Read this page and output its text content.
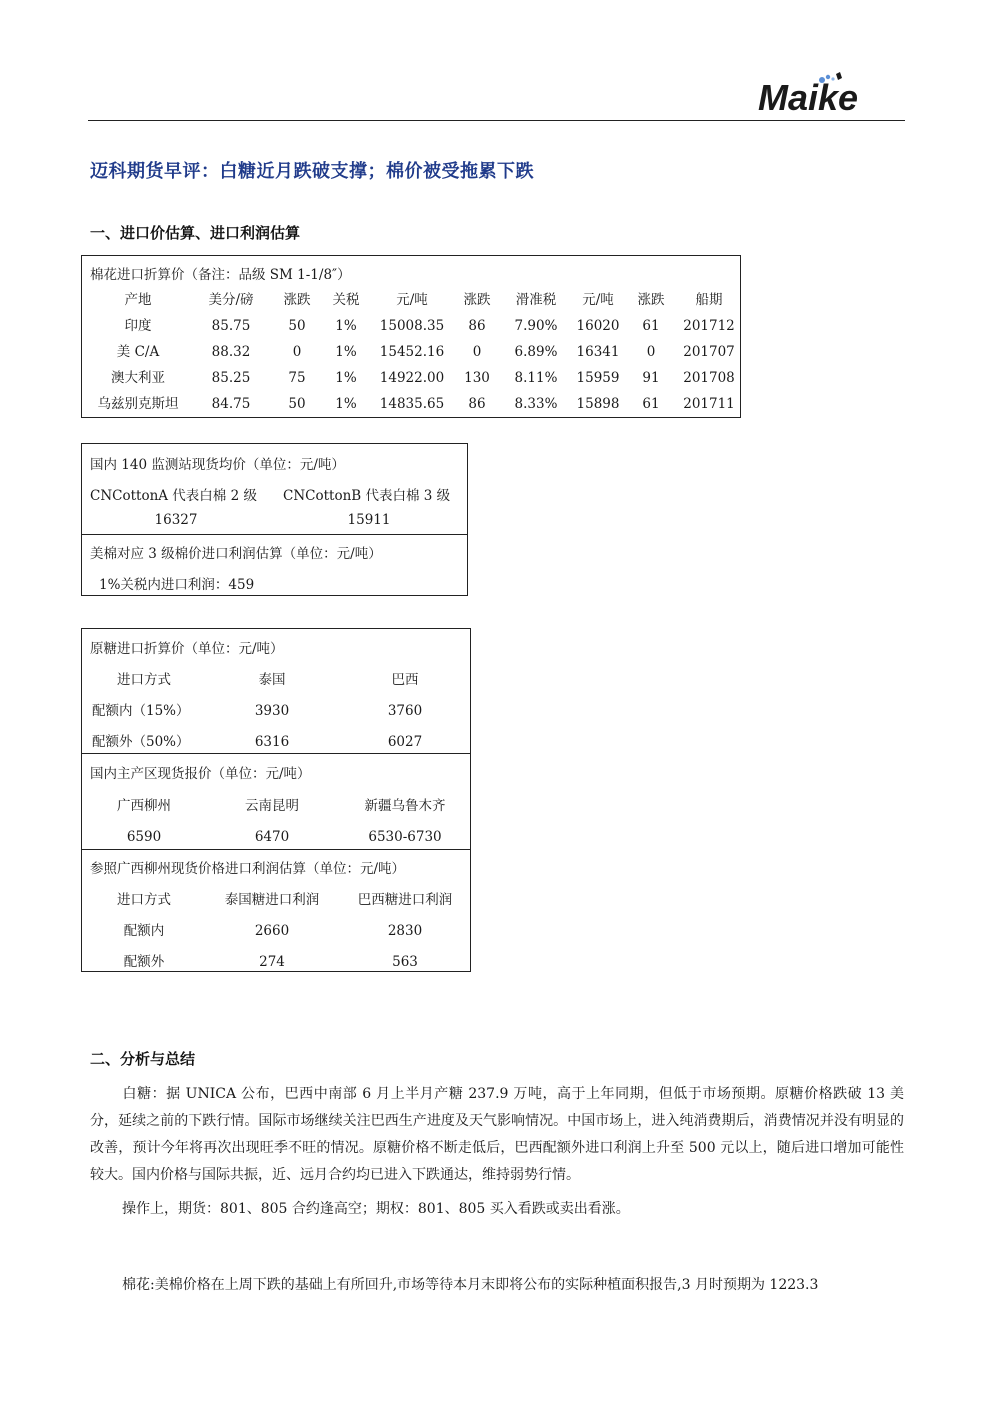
Maike
迈科期货早评：白糖近月跌破支撑；棉价被受拖累下跌
一、进口价估算、进口利润估算
棉花进口折算价（备注：品级 SM 1-1/8″）
产地	美分/磅 涨跌 关税	元/吨	涨跌 滑准税 元/吨 涨跌 船期
印度	85.75	50 1% 15008.35 86 7.90% 16020 61 201712
美 C/A	88.32	0	1% 15452.16 0 6.89% 16341 0 201707
澳大利亚	85.25	75 1% 14922.00 130 8.11% 15959 91 201708
乌兹别克斯坦 84.75	50 1% 14835.65 86 8.33% 15898 61 201711
国内 140 监测站现货均价（单位：元/吨）
CNCottonA 代表白棉 2 级 CNCottonB 代表白棉 3 级
16327	15911
美棉对应 3 级棉价进口利润估算（单位：元/吨）
1%关税内进口利润：459
原糖进口折算价（单位：元/吨）
进口方式	泰国	巴西
配额内（15%）	3930	3760
配额外（50%）	6316	6027
国内主产区现货报价（单位：元/吨）
广西柳州	云南昆明	新疆乌鲁木齐
6590	6470	6530-6730
参照广西柳州现货价格进口利润估算（单位：元/吨）
进口方式	泰国糖进口利润	巴西糖进口利润
配额内	2660	2830
配额外	274	563
二、分析与总结
白糖：据 UNICA 公布，巴西中南部 6 月上半月产糖 237.9 万吨，高于上年同期，但低于市场预期。原糖价格跌破 13 美分，延续之前的下跌行情。国际市场继续关注巴西生产进度及天气影响情况。中国市场上，进入纯消费期后，消费情况并没有明显的改善，预计今年将再次出现旺季不旺的情况。原糖价格不断走低后，巴西配额外进口利润上升至 500 元以上，随后进口增加可能性较大。国内价格与国际共振，近、远月合约均已进入下跌通达，维持弱势行情。
操作上，期货：801、805 合约逢高空；期权：801、805 买入看跌或卖出看涨。
棉花:美棉价格在上周下跌的基础上有所回升,市场等待本月末即将公布的实际种植面积报告,3 月时预期为 1223.3
